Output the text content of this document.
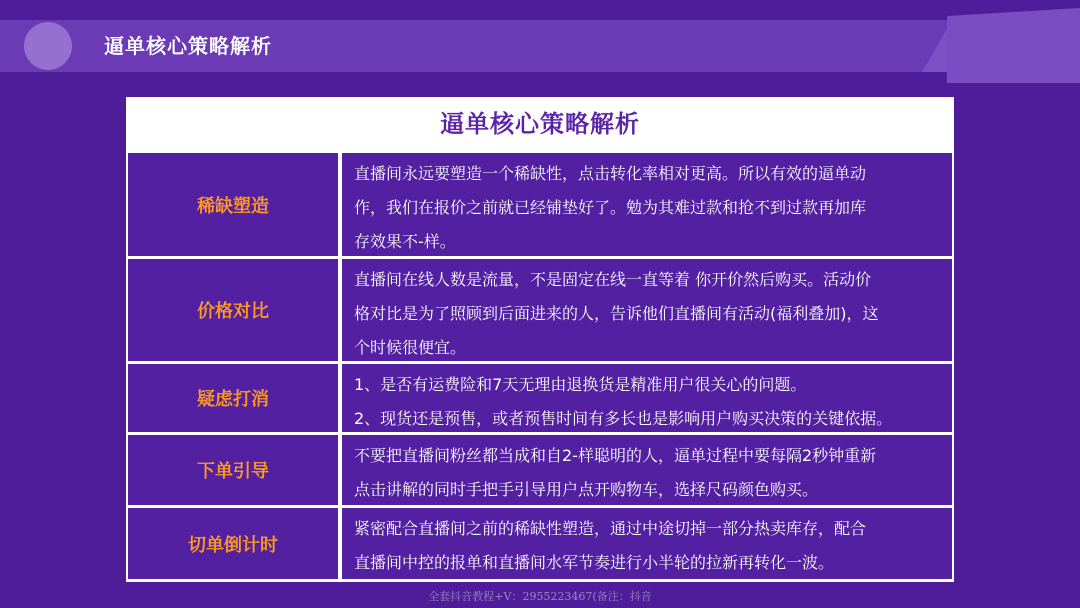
逼单核心策略解析
逼单核心策略解析
稀缺塑造
直播间永远要塑造一个稀缺性，点击转化率相对更高。所以有效的逼单动
作，我们在报价之前就已经铺垫好了。勉为其难过款和抢不到过款再加库
存效果不-样。
价格对比
直播间在线人数是流量，不是固定在线一直等着 你开价然后购买。活动价
格对比是为了照顾到后面进来的人，告诉他们直播间有活动(福利叠加)，这
个时候很便宜。
疑虑打消
1、是否有运费险和7天无理由退换货是精准用户很关心的问题。
2、现货还是预售，或者预售时间有多长也是影响用户购买决策的关键依据。
下单引导
不要把直播间粉丝都当成和自2-样聪明的人，逼单过程中要每隔2秒钟重新
点击讲解的同时手把手引导用户点开购物车，选择尺码颜色购买。
切单倒计时
紧密配合直播间之前的稀缺性塑造，通过中途切掉一部分热卖库存，配合
直播间中控的报单和直播间水军节奏进行小半轮的拉新再转化一波。
全套抖音教程+V：2955223467(备注：抖音
